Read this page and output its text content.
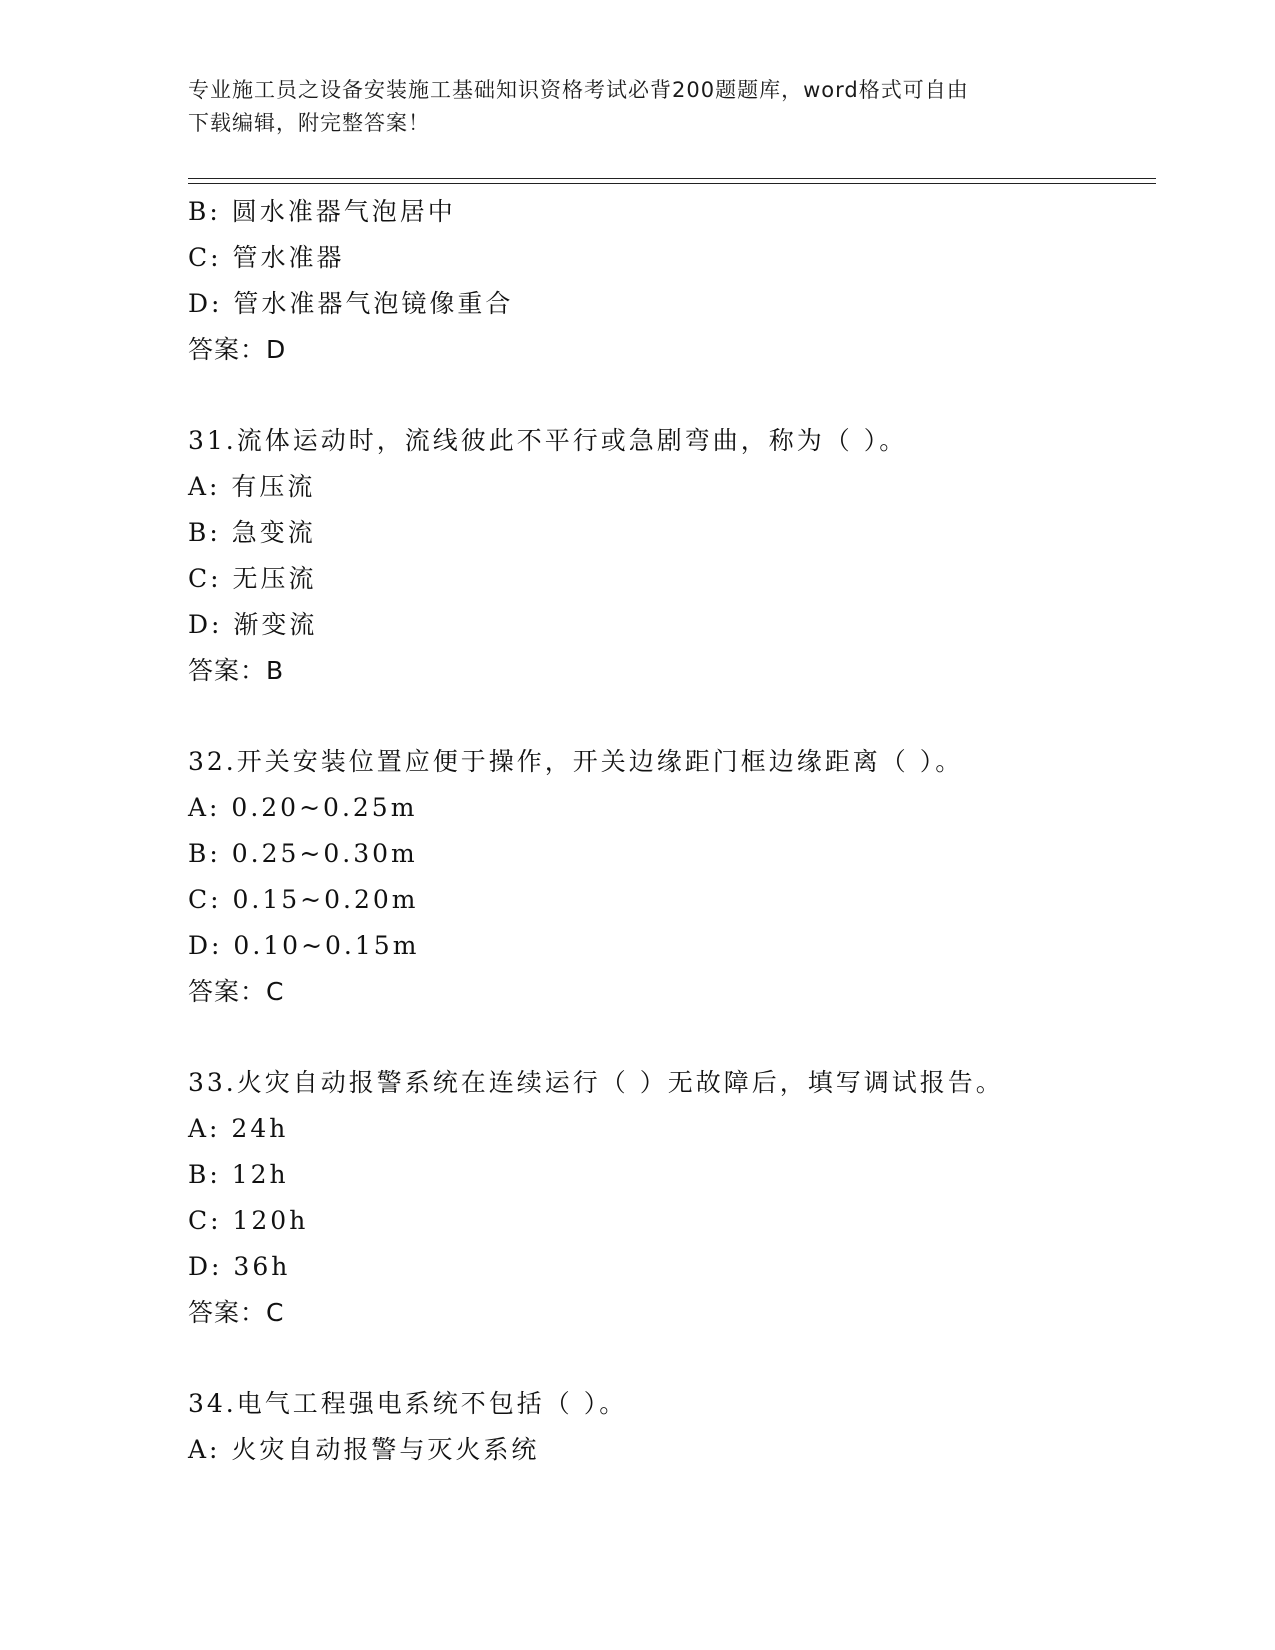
专业施工员之设备安装施工基础知识资格考试必背200题题库，word格式可自由
下载编辑，附完整答案！
B: 圆水准器气泡居中
C: 管水准器
D: 管水准器气泡镜像重合
答案：D
31.流体运动时，流线彼此不平行或急剧弯曲，称为（ ）。
A: 有压流
B: 急变流
C: 无压流
D: 渐变流
答案：B
32.开关安装位置应便于操作，开关边缘距门框边缘距离（ ）。
A: 0.20~0.25m
B: 0.25~0.30m
C: 0.15~0.20m
D: 0.10~0.15m
答案：C
33.火灾自动报警系统在连续运行（ ）无故障后，填写调试报告。
A: 24h
B: 12h
C: 120h
D: 36h
答案：C
34.电气工程强电系统不包括（ ）。
A: 火灾自动报警与灭火系统
